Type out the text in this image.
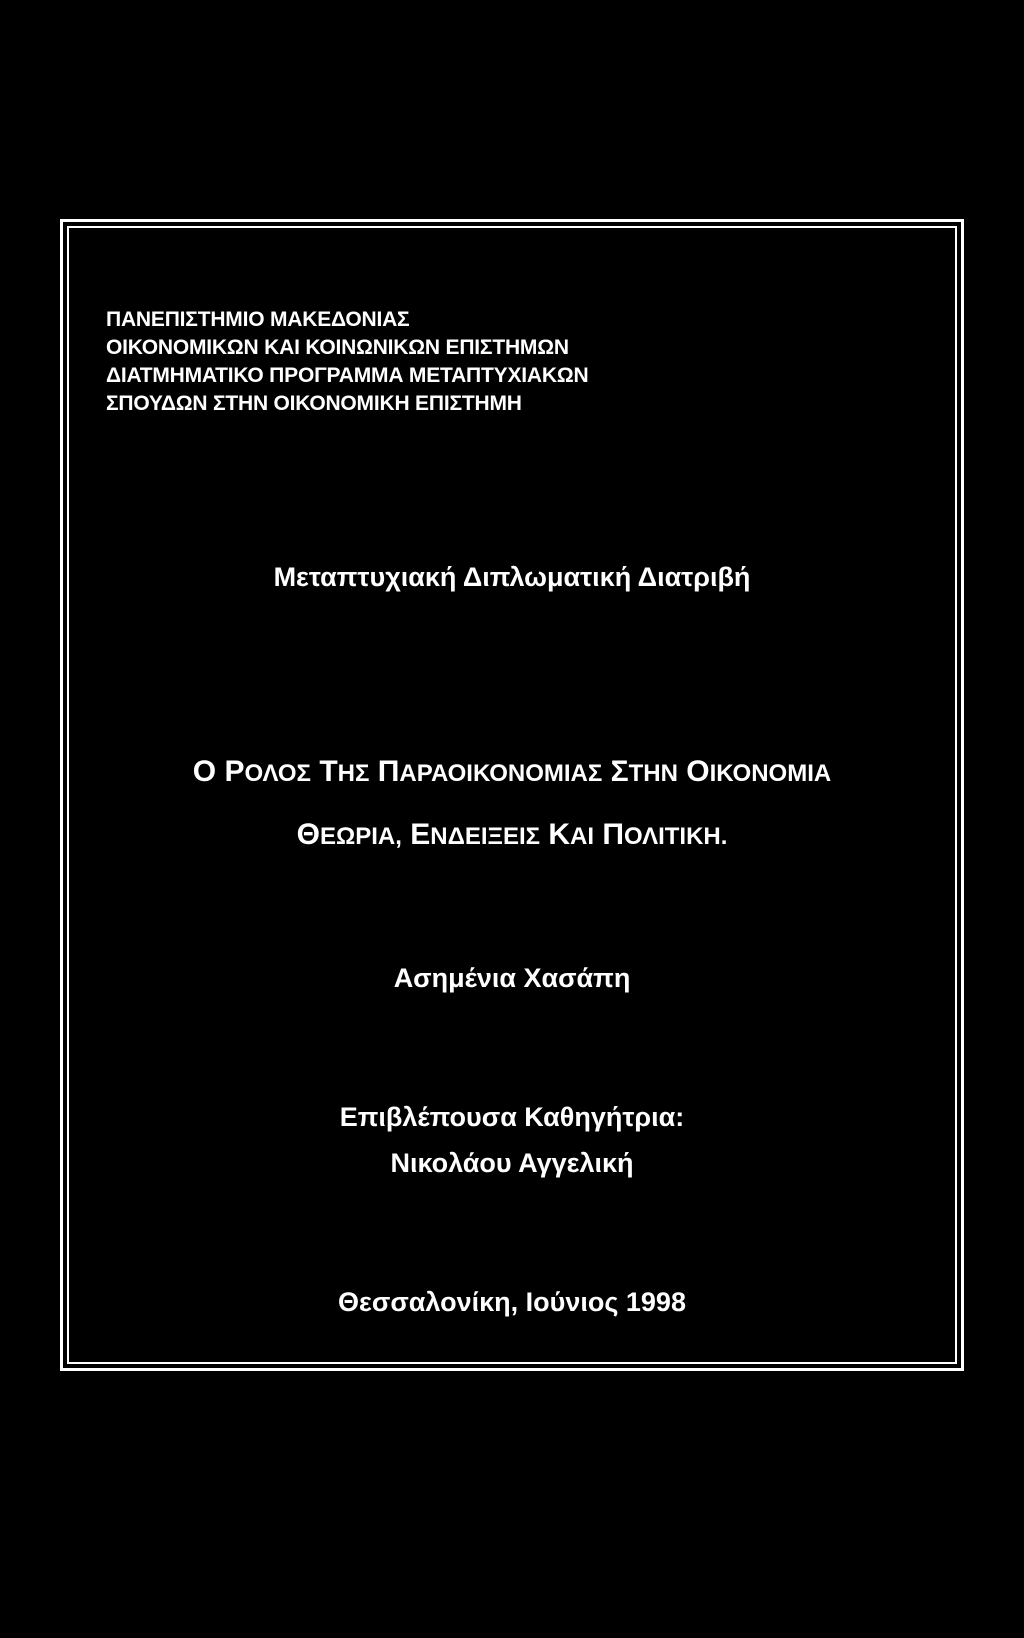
ΠΑΝΕΠΙΣΤΗΜΙΟ ΜΑΚΕΔΟΝΙΑΣ
ΟΙΚΟΝΟΜΙΚΩΝ ΚΑΙ ΚΟΙΝΩΝΙΚΩΝ ΕΠΙΣΤΗΜΩΝ
ΔΙΑΤΜΗΜΑΤΙΚΟ ΠΡΟΓΡΑΜΜΑ ΜΕΤΑΠΤΥΧΙΑΚΩΝ
ΣΠΟΥΔΩΝ ΣΤΗΝ ΟΙΚΟΝΟΜΙΚΗ ΕΠΙΣΤΗΜΗ
Μεταπτυχιακή Διπλωματική Διατριβή
Ο ΡΟΛΟΣ ΤΗΣ ΠΑΡΑΟΙΚΟΝΟΜΙΑΣ ΣΤΗΝ ΟΙΚΟΝΟΜΙΑ
ΘΕΩΡΙΑ, ΕΝΔΕΙΞΕΙΣ ΚΑΙ ΠΟΛΙΤΙΚΗ.
Ασημένια Χασάπη
Επιβλέπουσα Καθηγήτρια:
Νικολάου Αγγελική
Θεσσαλονίκη, Ιούνιος 1998
